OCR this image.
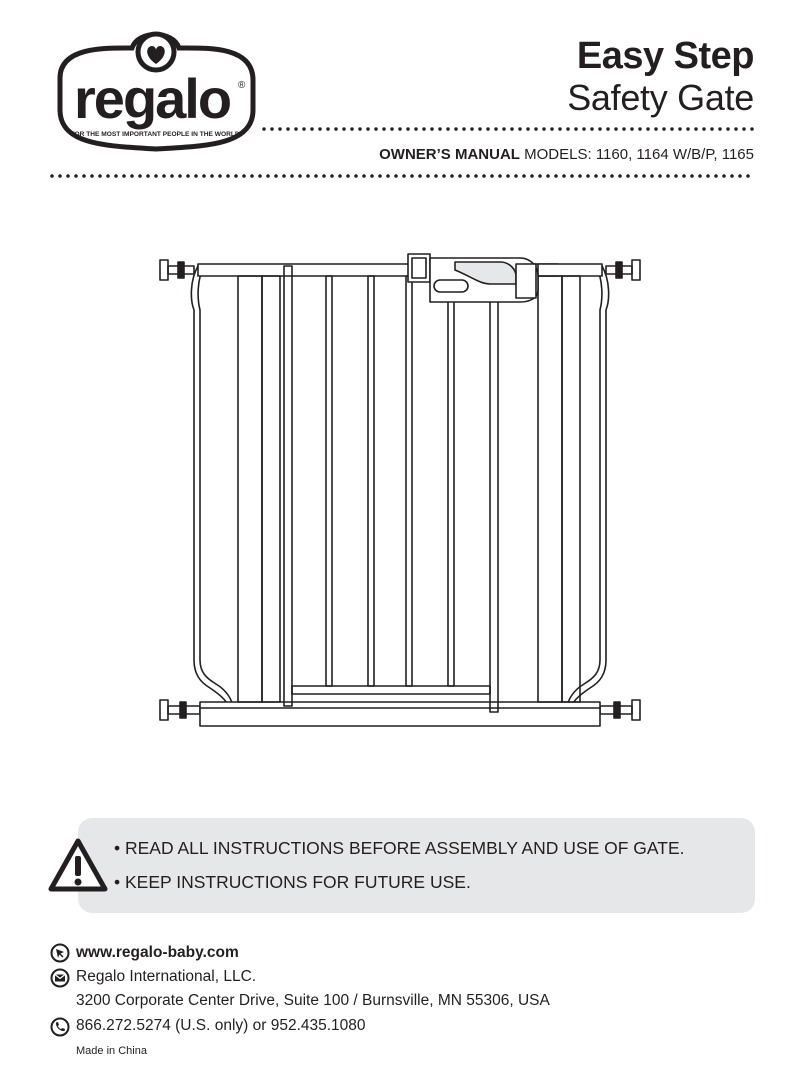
regalo ®
FOR THE MOST IMPORTANT PEOPLE IN THE WORLD.
Easy Step
Safety Gate
OWNER’S MANUAL MODELS: 1160, 1164 W/B/P, 1165
• READ ALL INSTRUCTIONS BEFORE ASSEMBLY AND USE OF GATE.
• KEEP INSTRUCTIONS FOR FUTURE USE.
www.regalo-baby.com
Regalo International, LLC.
3200 Corporate Center Drive, Suite 100 / Burnsville, MN 55306, USA
866.272.5274 (U.S. only) or 952.435.1080
Made in China
